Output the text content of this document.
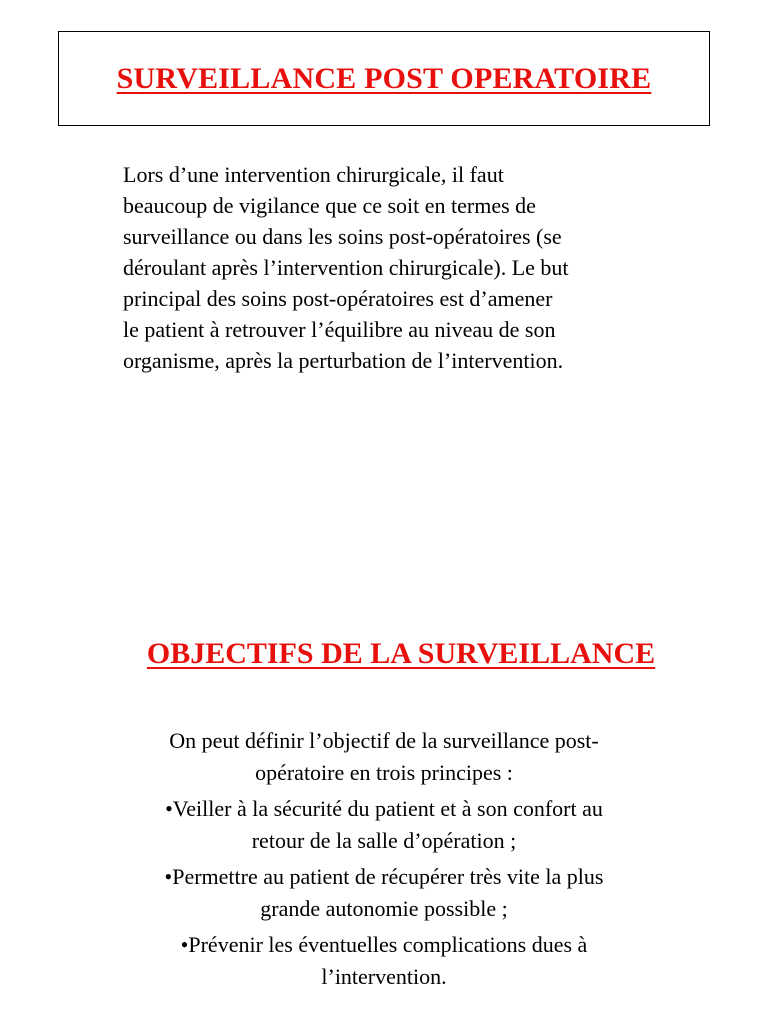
SURVEILLANCE POST OPERATOIRE

Lors d’une intervention chirurgicale, il faut
beaucoup de vigilance que ce soit en termes de
surveillance ou dans les soins post-opératoires (se
déroulant après l’intervention chirurgicale). Le but
principal des soins post-opératoires est d’amener
le patient à retrouver l’équilibre au niveau de son
organisme, après la perturbation de l’intervention.

OBJECTIFS DE LA SURVEILLANCE

On peut définir l’objectif de la surveillance post-
opératoire en trois principes :

•Veiller à la sécurité du patient et à son confort au
retour de la salle d’opération ;

•Permettre au patient de récupérer très vite la plus
grande autonomie possible ;

•Prévenir les éventuelles complications dues à
l’intervention.
